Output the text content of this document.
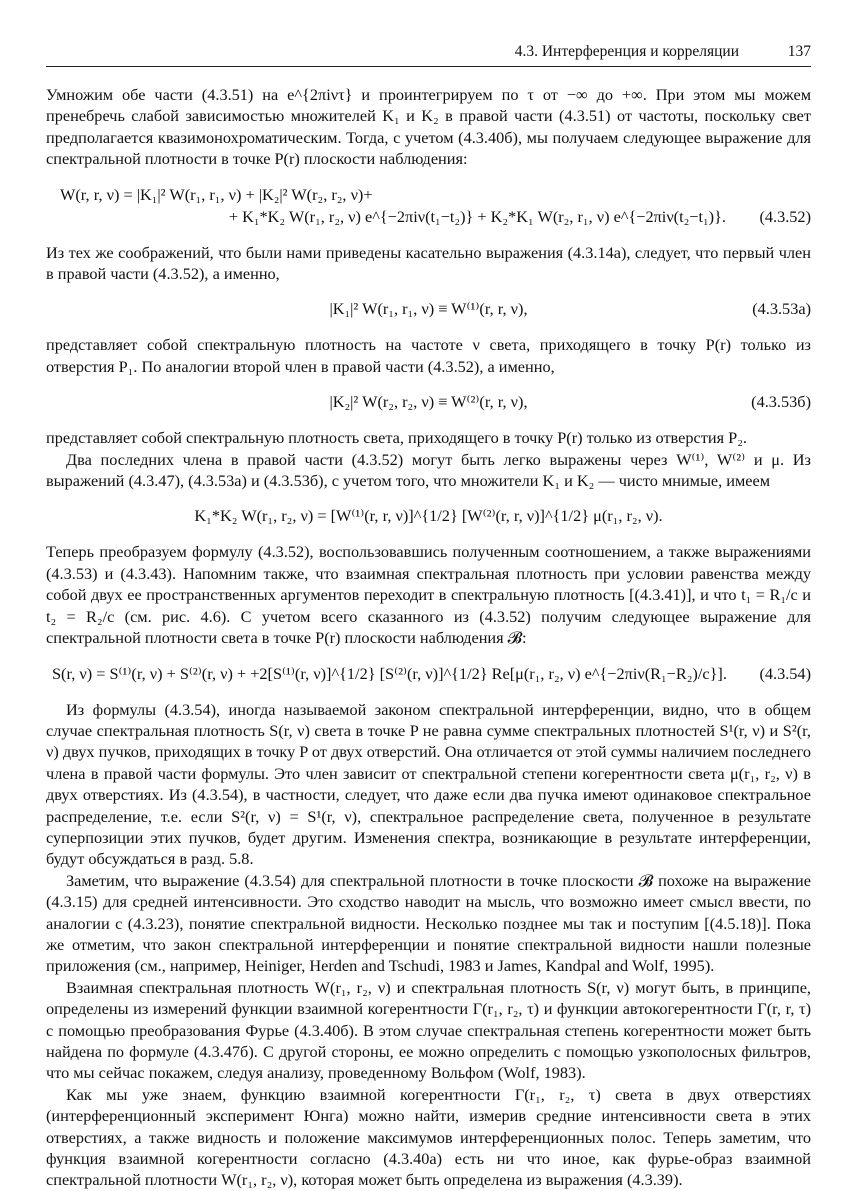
4.3. Интерференция и корреляции	137

Умножим обе части (4.3.51) на e^{2πiντ} и проинтегрируем по τ от −∞ до +∞. При этом мы можем пренебречь слабой зависимостью множителей K₁ и K₂ в правой части (4.3.51) от частоты, поскольку свет предполагается квазимонохроматическим. Тогда, с учетом (4.3.40б), мы получаем следующее выражение для спектральной плотности в точке P(r) плоскости наблюдения:

W(r, r, ν) = |K₁|² W(r₁, r₁, ν) + |K₂|² W(r₂, r₂, ν)+
+ K₁*K₂ W(r₁, r₂, ν) e^{−2πiν(t₁−t₂)} + K₂*K₁ W(r₂, r₁, ν) e^{−2πiν(t₂−t₁)}.	(4.3.52)

Из тех же соображений, что были нами приведены касательно выражения (4.3.14а), следует, что первый член в правой части (4.3.52), а именно,

|K₁|² W(r₁, r₁, ν) ≡ W⁽¹⁾(r, r, ν),	(4.3.53а)

представляет собой спектральную плотность на частоте ν света, приходящего в точку P(r) только из отверстия P₁. По аналогии второй член в правой части (4.3.52), а именно,

|K₂|² W(r₂, r₂, ν) ≡ W⁽²⁾(r, r, ν),	(4.3.53б)

представляет собой спектральную плотность света, приходящего в точку P(r) только из отверстия P₂.

Два последних члена в правой части (4.3.52) могут быть легко выражены через W⁽¹⁾, W⁽²⁾ и μ. Из выражений (4.3.47), (4.3.53а) и (4.3.53б), с учетом того, что множители K₁ и K₂ — чисто мнимые, имеем

K₁*K₂ W(r₁, r₂, ν) = [W⁽¹⁾(r, r, ν)]^{1/2} [W⁽²⁾(r, r, ν)]^{1/2} μ(r₁, r₂, ν).

Теперь преобразуем формулу (4.3.52), воспользовавшись полученным соотношением, а также выражениями (4.3.53) и (4.3.43). Напомним также, что взаимная спектральная плотность при условии равенства между собой двух ее пространственных аргументов переходит в спектральную плотность [(4.3.41)], и что t₁ = R₁/c и t₂ = R₂/c (см. рис. 4.6). С учетом всего сказанного из (4.3.52) получим следующее выражение для спектральной плотности света в точке P(r) плоскости наблюдения 𝓑:

S(r, ν) = S⁽¹⁾(r, ν) + S⁽²⁾(r, ν) + +2[S⁽¹⁾(r, ν)]^{1/2} [S⁽²⁾(r, ν)]^{1/2} Re[μ(r₁, r₂, ν) e^{−2πiν(R₁−R₂)/c}].	(4.3.54)

Из формулы (4.3.54), иногда называемой законом спектральной интерференции, видно, что в общем случае спектральная плотность S(r, ν) света в точке P не равна сумме спектральных плотностей S¹(r, ν) и S²(r, ν) двух пучков, приходящих в точку P от двух отверстий. Она отличается от этой суммы наличием последнего члена в правой части формулы. Это член зависит от спектральной степени когерентности света μ(r₁, r₂, ν) в двух отверстиях. Из (4.3.54), в частности, следует, что даже если два пучка имеют одинаковое спектральное распределение, т.е. если S²(r, ν) = S¹(r, ν), спектральное распределение света, полученное в результате суперпозиции этих пучков, будет другим. Изменения спектра, возникающие в результате интерференции, будут обсуждаться в разд. 5.8.

Заметим, что выражение (4.3.54) для спектральной плотности в точке плоскости 𝓑 похоже на выражение (4.3.15) для средней интенсивности. Это сходство наводит на мысль, что возможно имеет смысл ввести, по аналогии с (4.3.23), понятие спектральной видности. Несколько позднее мы так и поступим [(4.5.18)]. Пока же отметим, что закон спектральной интерференции и понятие спектральной видности нашли полезные приложения (см., например, Heiniger, Herden and Tschudi, 1983 и James, Kandpal and Wolf, 1995).

Взаимная спектральная плотность W(r₁, r₂, ν) и спектральная плотность S(r, ν) могут быть, в принципе, определены из измерений функции взаимной когерентности Γ(r₁, r₂, τ) и функции автокогерентности Γ(r, r, τ) с помощью преобразования Фурье (4.3.40б). В этом случае спектральная степень когерентности может быть найдена по формуле (4.3.47б). С другой стороны, ее можно определить с помощью узкополосных фильтров, что мы сейчас покажем, следуя анализу, проведенному Вольфом (Wolf, 1983).

Как мы уже знаем, функцию взаимной когерентности Γ(r₁, r₂, τ) света в двух отверстиях (интерференционный эксперимент Юнга) можно найти, измерив средние интенсивности света в этих отверстиях, а также видность и положение максимумов интерференционных полос. Теперь заметим, что функция взаимной когерентности согласно (4.3.40а) есть ни что иное, как фурье-образ взаимной спектральной плотности W(r₁, r₂, ν), которая может быть определена из выражения (4.3.39).
